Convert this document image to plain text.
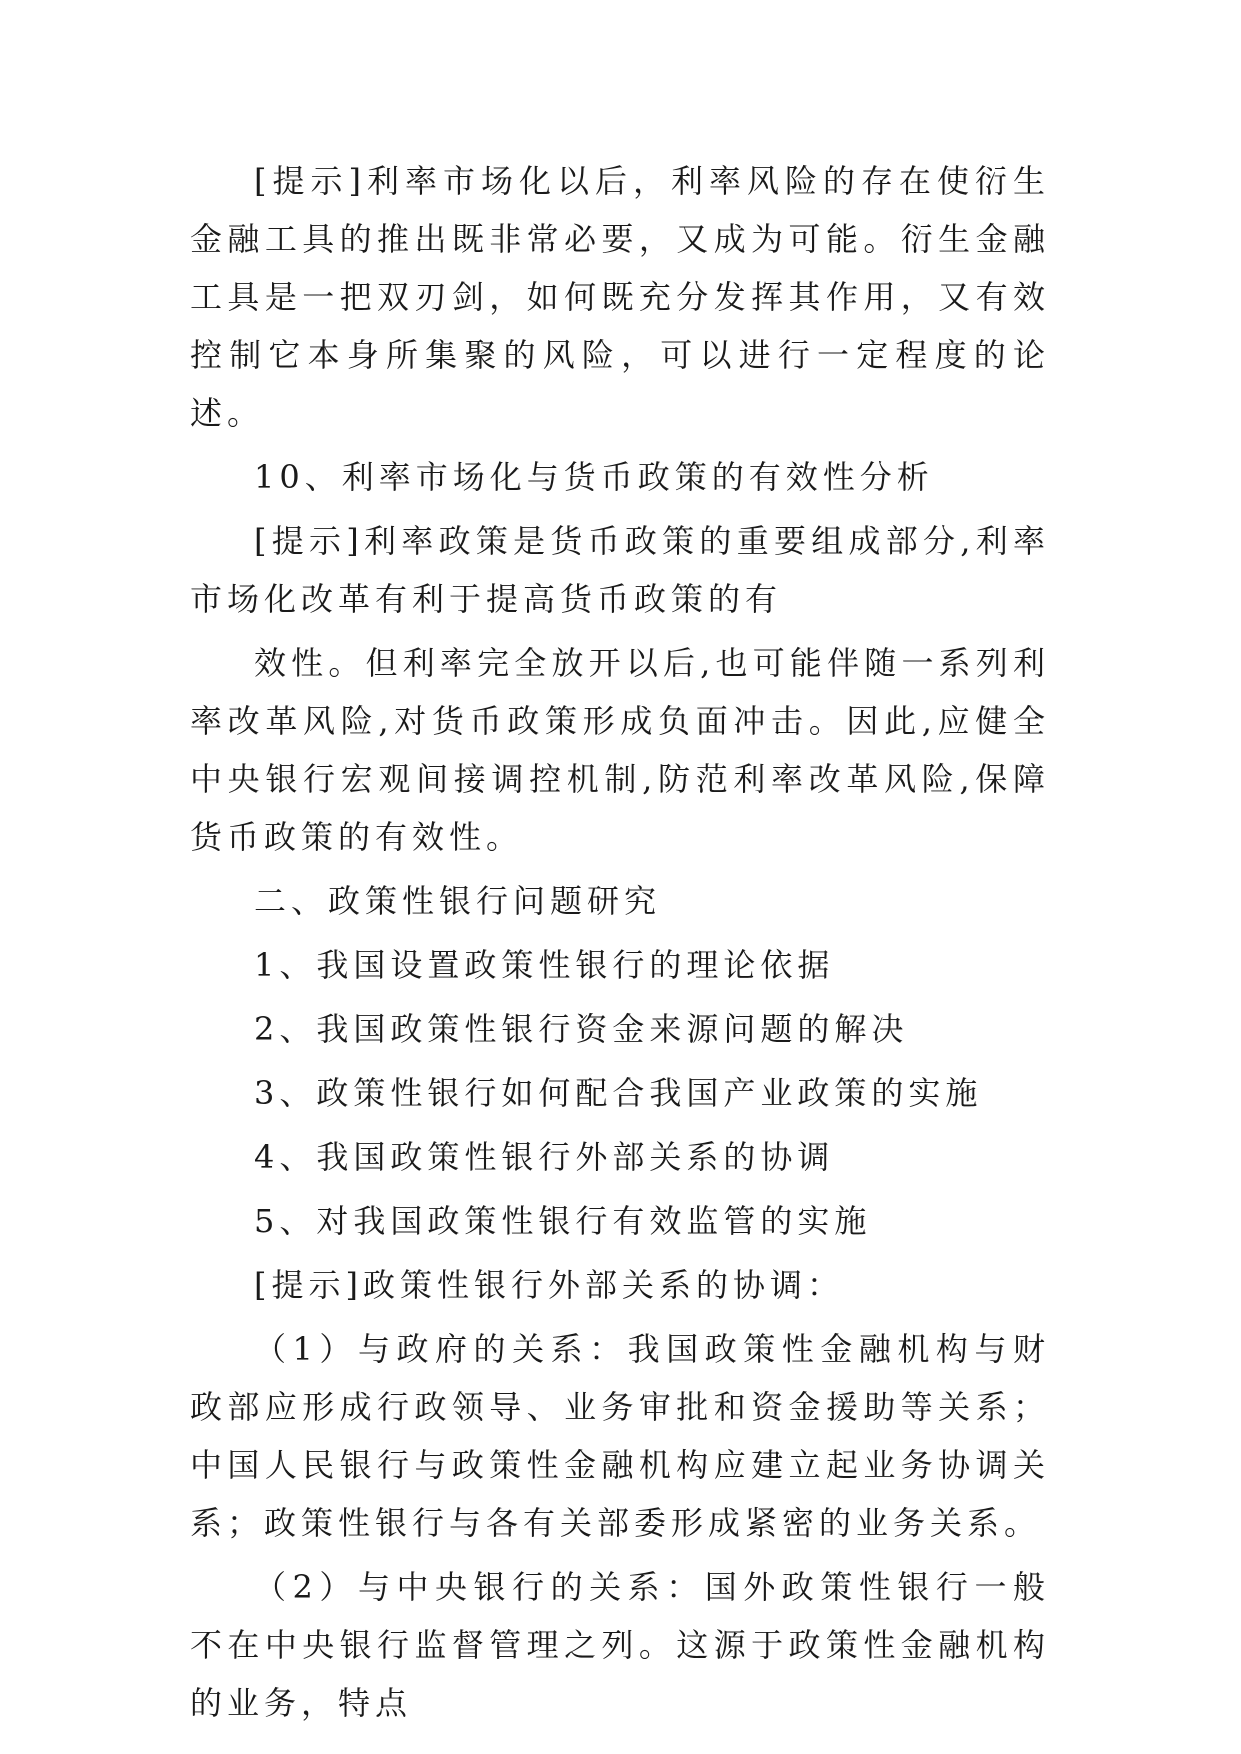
[提示]利率市场化以后，利率风险的存在使衍生金融工具的推出既非常必要，又成为可能。衍生金融工具是一把双刃剑，如何既充分发挥其作用，又有效控制它本身所集聚的风险，可以进行一定程度的论述。

10、利率市场化与货币政策的有效性分析

[提示]利率政策是货币政策的重要组成部分,利率市场化改革有利于提高货币政策的有

效性。但利率完全放开以后,也可能伴随一系列利率改革风险,对货币政策形成负面冲击。因此,应健全中央银行宏观间接调控机制,防范利率改革风险,保障货币政策的有效性。

二、政策性银行问题研究

1、我国设置政策性银行的理论依据

2、我国政策性银行资金来源问题的解决

3、政策性银行如何配合我国产业政策的实施

4、我国政策性银行外部关系的协调

5、对我国政策性银行有效监管的实施

[提示]政策性银行外部关系的协调：

（1）与政府的关系：我国政策性金融机构与财政部应形成行政领导、业务审批和资金援助等关系；中国人民银行与政策性金融机构应建立起业务协调关系；政策性银行与各有关部委形成紧密的业务关系。

（2）与中央银行的关系：国外政策性银行一般不在中央银行监督管理之列。这源于政策性金融机构的业务，特点
